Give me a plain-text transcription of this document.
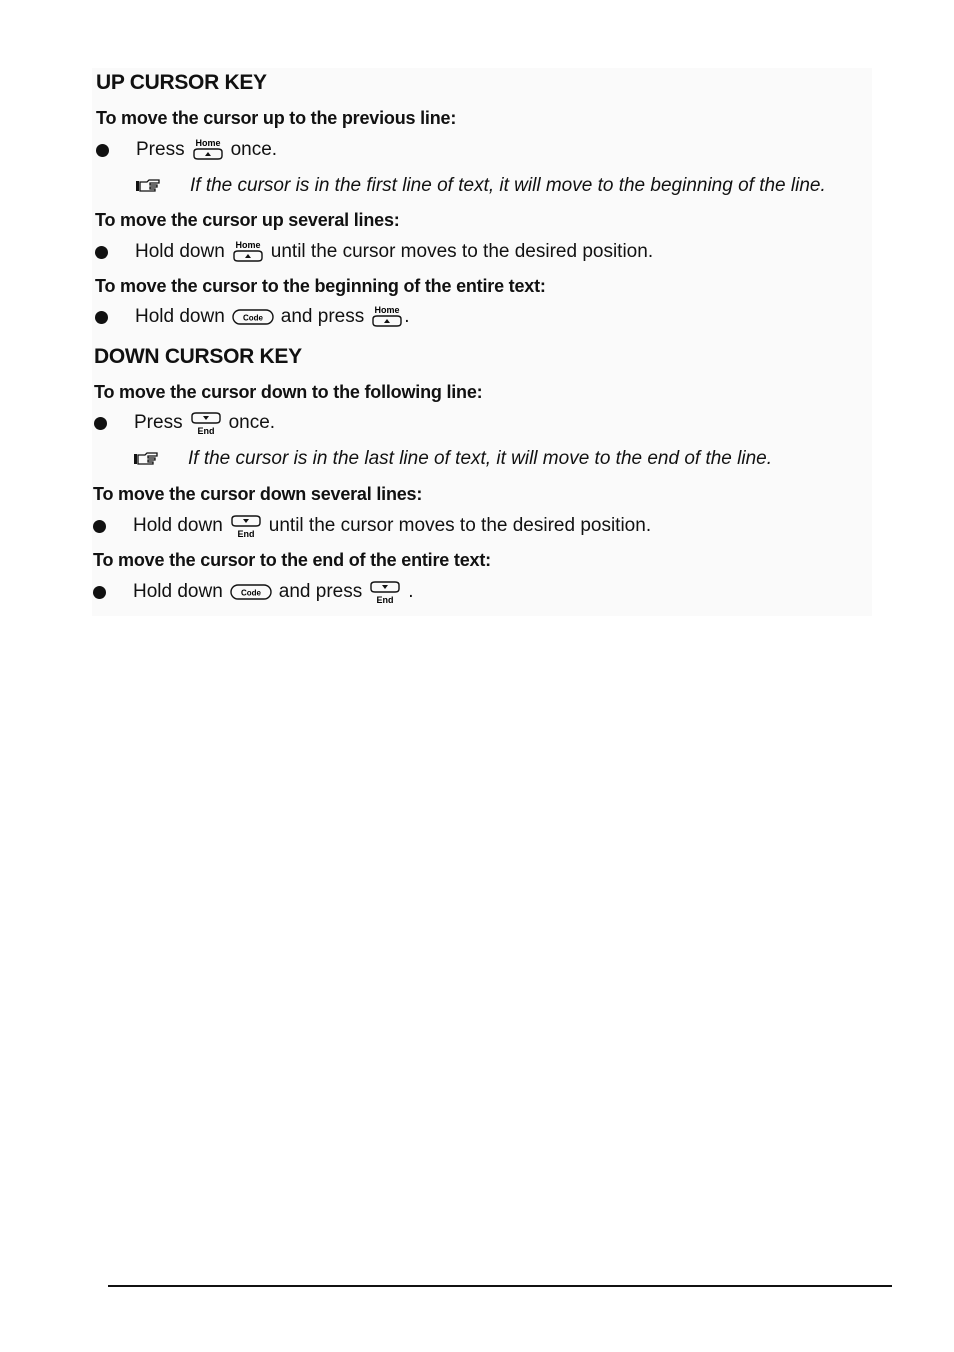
UP CURSOR KEY
To move the cursor up to the previous line:
Press Home once.
If the cursor is in the first line of text, it will move to the beginning of the line.
To move the cursor up several lines:
Hold down Home until the cursor moves to the desired position.
To move the cursor to the beginning of the entire text:
Hold down Code and press Home .
DOWN CURSOR KEY
To move the cursor down to the following line:
Press End once.
If the cursor is in the last line of text, it will move to the end of the line.
To move the cursor down several lines:
Hold down End until the cursor moves to the desired position.
To move the cursor to the end of the entire text:
Hold down Code and press End .
